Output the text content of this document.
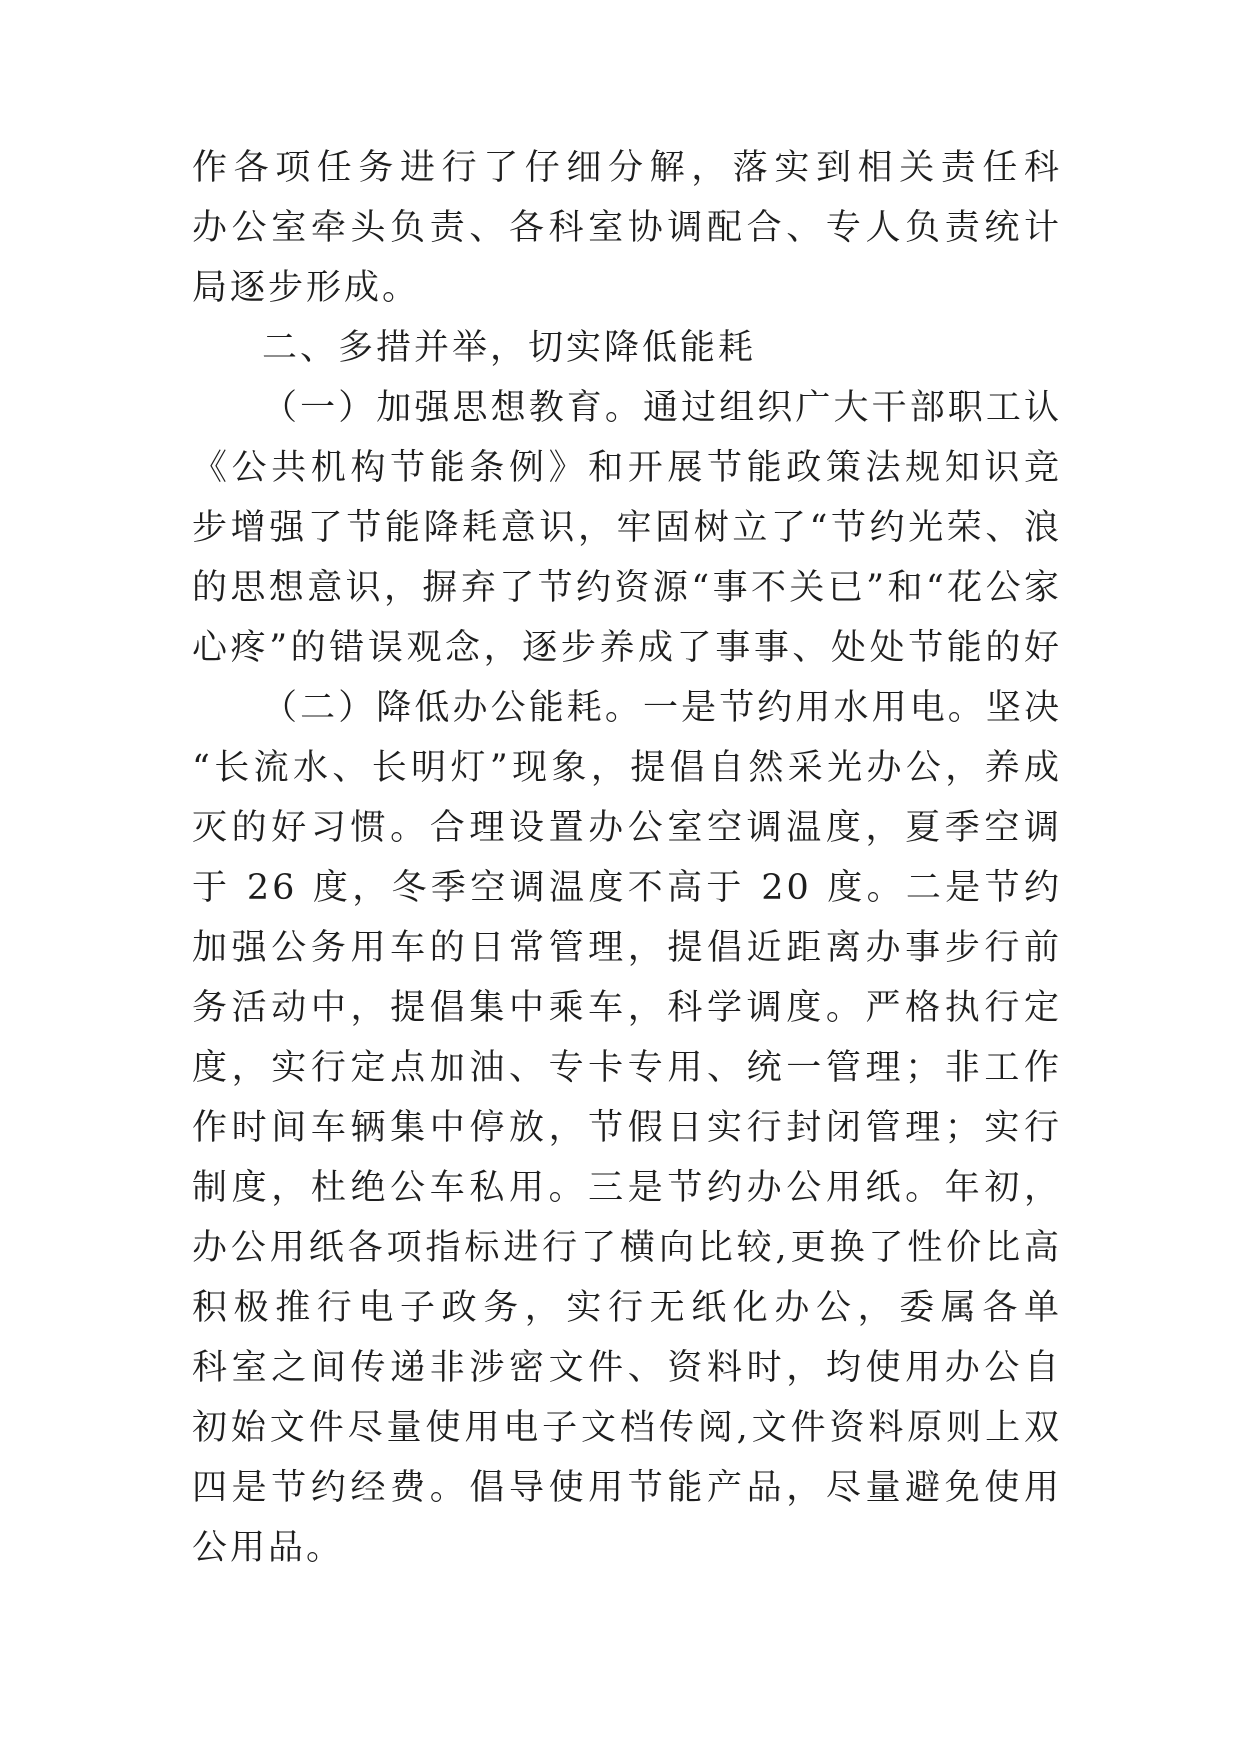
作各项任务进行了仔细分解，落实到相关责任科
办公室牵头负责、各科室协调配合、专人负责统计
局逐步形成。
二、多措并举，切实降低能耗
（一）加强思想教育。通过组织广大干部职工认
《公共机构节能条例》和开展节能政策法规知识竞
步增强了节能降耗意识，牢固树立了“节约光荣、浪
的思想意识，摒弃了节约资源“事不关已”和“花公家
心疼”的错误观念，逐步养成了事事、处处节能的好
（二）降低办公能耗。一是节约用水用电。坚决
“长流水、长明灯”现象，提倡自然采光办公，养成
灭的好习惯。合理设置办公室空调温度，夏季空调
于 26 度，冬季空调温度不高于 20 度。二是节约
加强公务用车的日常管理，提倡近距离办事步行前
务活动中，提倡集中乘车，科学调度。严格执行定
度，实行定点加油、专卡专用、统一管理；非工作
作时间车辆集中停放，节假日实行封闭管理；实行
制度，杜绝公车私用。三是节约办公用纸。年初，
办公用纸各项指标进行了横向比较,更换了性价比高
积极推行电子政务，实行无纸化办公，委属各单
科室之间传递非涉密文件、资料时，均使用办公自
初始文件尽量使用电子文档传阅,文件资料原则上双
四是节约经费。倡导使用节能产品，尽量避免使用
公用品。
